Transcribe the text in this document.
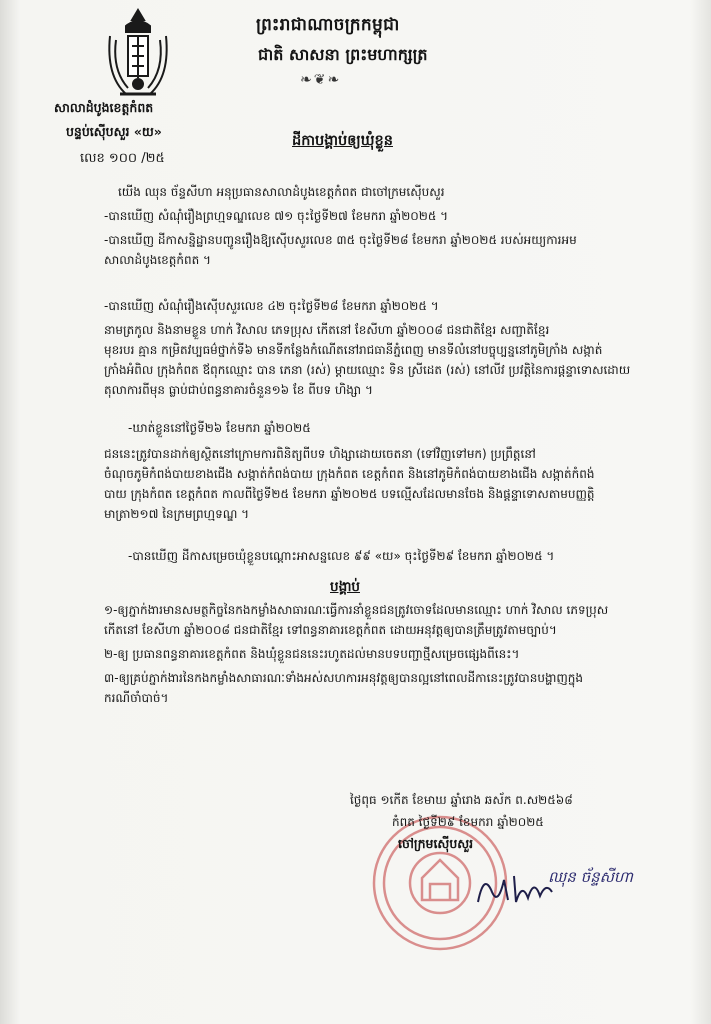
ព្រះរាជាណាចក្រកម្ពុជា
ជាតិ សាសនា ព្រះមហាក្សត្រ
❧❦❧
សាលាដំបូងខេត្តកំពត
បន្ទប់ស៊ើបសួរ «យ»
លេខ ១០០ /២៥
ដីកាបង្គាប់ឲ្យឃុំខ្លួន
យើង ឈុន ច័ន្ទសីហា អនុប្រធានសាលាដំបូងខេត្តកំពត ជាចៅក្រមស៊ើបសួរ
-បានឃើញ សំណុំរឿងព្រហ្មទណ្ឌលេខ ៧១ ចុះថ្ងៃទី២៧ ខែមករា ឆ្នាំ២០២៥ ។
-បានឃើញ ដីកាសន្និដ្ឋានបញ្ជូនរឿងឱ្យស៊ើបសួរលេខ ៣៥ ចុះថ្ងៃទី២៨ ខែមករា ឆ្នាំ២០២៥ របស់អយ្យការអម
សាលាដំបូងខេត្តកំពត ។
-បានឃើញ សំណុំរឿងស៊ើបសួរលេខ ៤២ ចុះថ្ងៃទី២៨ ខែមករា ឆ្នាំ២០២៥ ។
នាមត្រកូល និងនាមខ្លួន ហាក់ វិសាល ភេទប្រុស កើតនៅ ខែសីហា ឆ្នាំ២០០៨ ជនជាតិខ្មែរ សញ្ជាតិខ្មែរ
មុខរបរ គ្មាន កម្រិតវប្បធម៌ថ្នាក់ទី៦ មានទីកន្លែងកំណើតនៅរាជធានីភ្នំពេញ មានទីលំនៅបច្ចុប្បន្ននៅភូមិក្រាំង សង្កាត់
ក្រាំងអំពិល ក្រុងកំពត ឪពុកឈ្មោះ បាន ភេនា (រស់) ម្តាយឈ្មោះ ទិន ស្រីដេត (រស់) នៅលីវ ប្រវត្តិនៃការផ្តន្ទាទោសដោយ
តុលាការពីមុន ធ្លាប់ជាប់ពន្ធនាគារចំនួន១៦ ខែ ពីបទ ហិង្សា ។
-ឃាត់ខ្លួននៅថ្ងៃទី២៦ ខែមករា ឆ្នាំ២០២៥
ជននេះត្រូវបានដាក់ឲ្យស្ថិតនៅក្រោមការពិនិត្យពីបទ ហិង្សាដោយចេតនា (ទៅវិញទៅមក) ប្រព្រឹត្តនៅ
ចំណុចភូមិកំពង់បាយខាងជើង សង្កាត់កំពង់បាយ ក្រុងកំពត ខេត្តកំពត និងនៅភូមិកំពង់បាយខាងជើង សង្កាត់កំពង់
បាយ ក្រុងកំពត ខេត្តកំពត កាលពីថ្ងៃទី២៥ ខែមករា ឆ្នាំ២០២៥ បទល្មើសដែលមានចែង និងផ្តន្ទាទោសតាមបញ្ញត្តិ
មាត្រា២១៧ នៃក្រមព្រហ្មទណ្ឌ ។
-បានឃើញ ដីកាសម្រេចឃុំខ្លួនបណ្តោះអាសន្នលេខ ៩៩ «យ» ចុះថ្ងៃទី២៩ ខែមករា ឆ្នាំ២០២៥ ។
បង្គាប់
១-ឲ្យភ្នាក់ងារមានសមត្ថកិច្ចនៃកងកម្លាំងសាធារណៈធ្វើការនាំខ្លួនជនត្រូវចោទដែលមានឈ្មោះ ហាក់ វិសាល ភេទប្រុស
កើតនៅ ខែសីហា ឆ្នាំ២០០៨ ជនជាតិខ្មែរ ទៅពន្ធនាគារខេត្តកំពត ដោយអនុវត្តឲ្យបានត្រឹមត្រូវតាមច្បាប់។
២-ឲ្យ ប្រធានពន្ធនាគារខេត្តកំពត និងឃុំខ្លួនជននេះរហូតដល់មានបទបញ្ជាថ្មីសម្រេចផ្សេងពីនេះ។
៣-ឲ្យគ្រប់ភ្នាក់ងារនៃកងកម្លាំងសាធារណៈទាំងអស់សហការអនុវត្តឲ្យបានល្អនៅពេលដីកានេះត្រូវបានបង្ហាញក្នុង
ករណីចាំបាច់។
ថ្ងៃពុធ ១កើត ខែមាឃ ឆ្នាំរោង ឆស័ក ព.ស២៥៦៨
កំពត ថ្ងៃទី២៩ ខែមករា ឆ្នាំ២០២៥
ចៅក្រមស៊ើបសួរ
ឈុន ច័ន្ទសីហា
